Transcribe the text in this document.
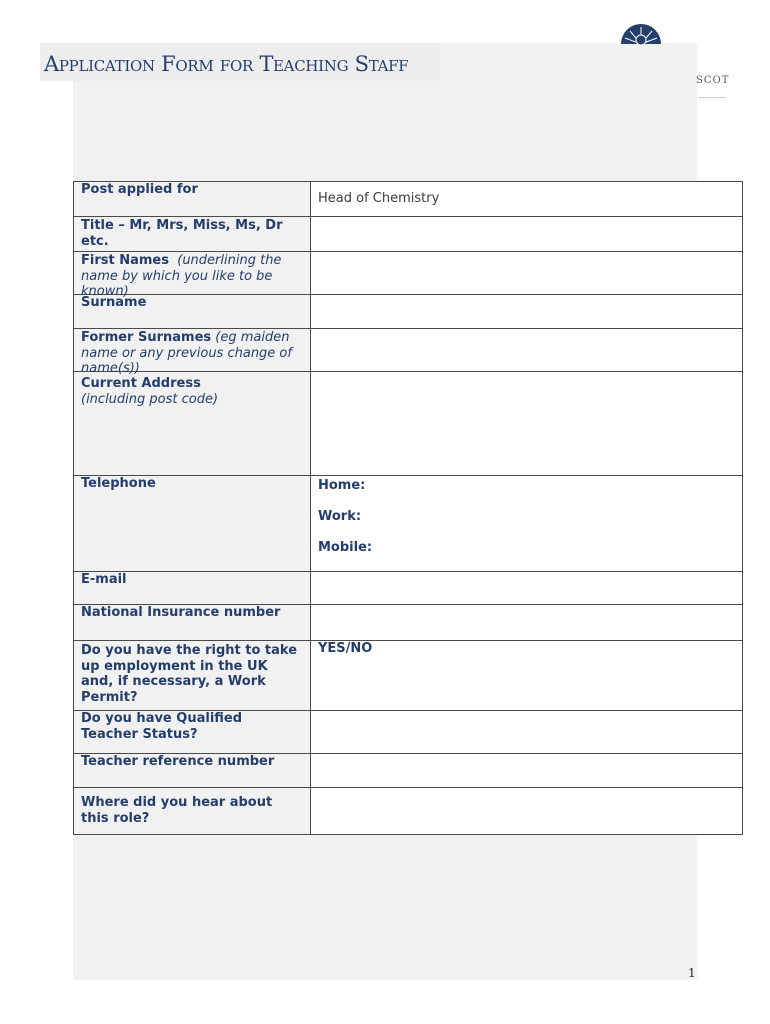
Application Form for Teaching Staff
SCOT
Post applied for	Head of Chemistry

Title – Mr, Mrs, Miss, Ms, Dr etc.	

First Names (underlining the name by which you like to be known)	

Surname	

Former Surnames (eg maiden name or any previous change of name(s))	

Current Address
(including post code)	

Telephone	Home:
Work:
Mobile:

E-mail	

National Insurance number	

Do you have the right to take up employment in the UK and, if necessary, a Work Permit?	YES/NO

Do you have Qualified Teacher Status?	

Teacher reference number	

Where did you hear about this role?	

1
